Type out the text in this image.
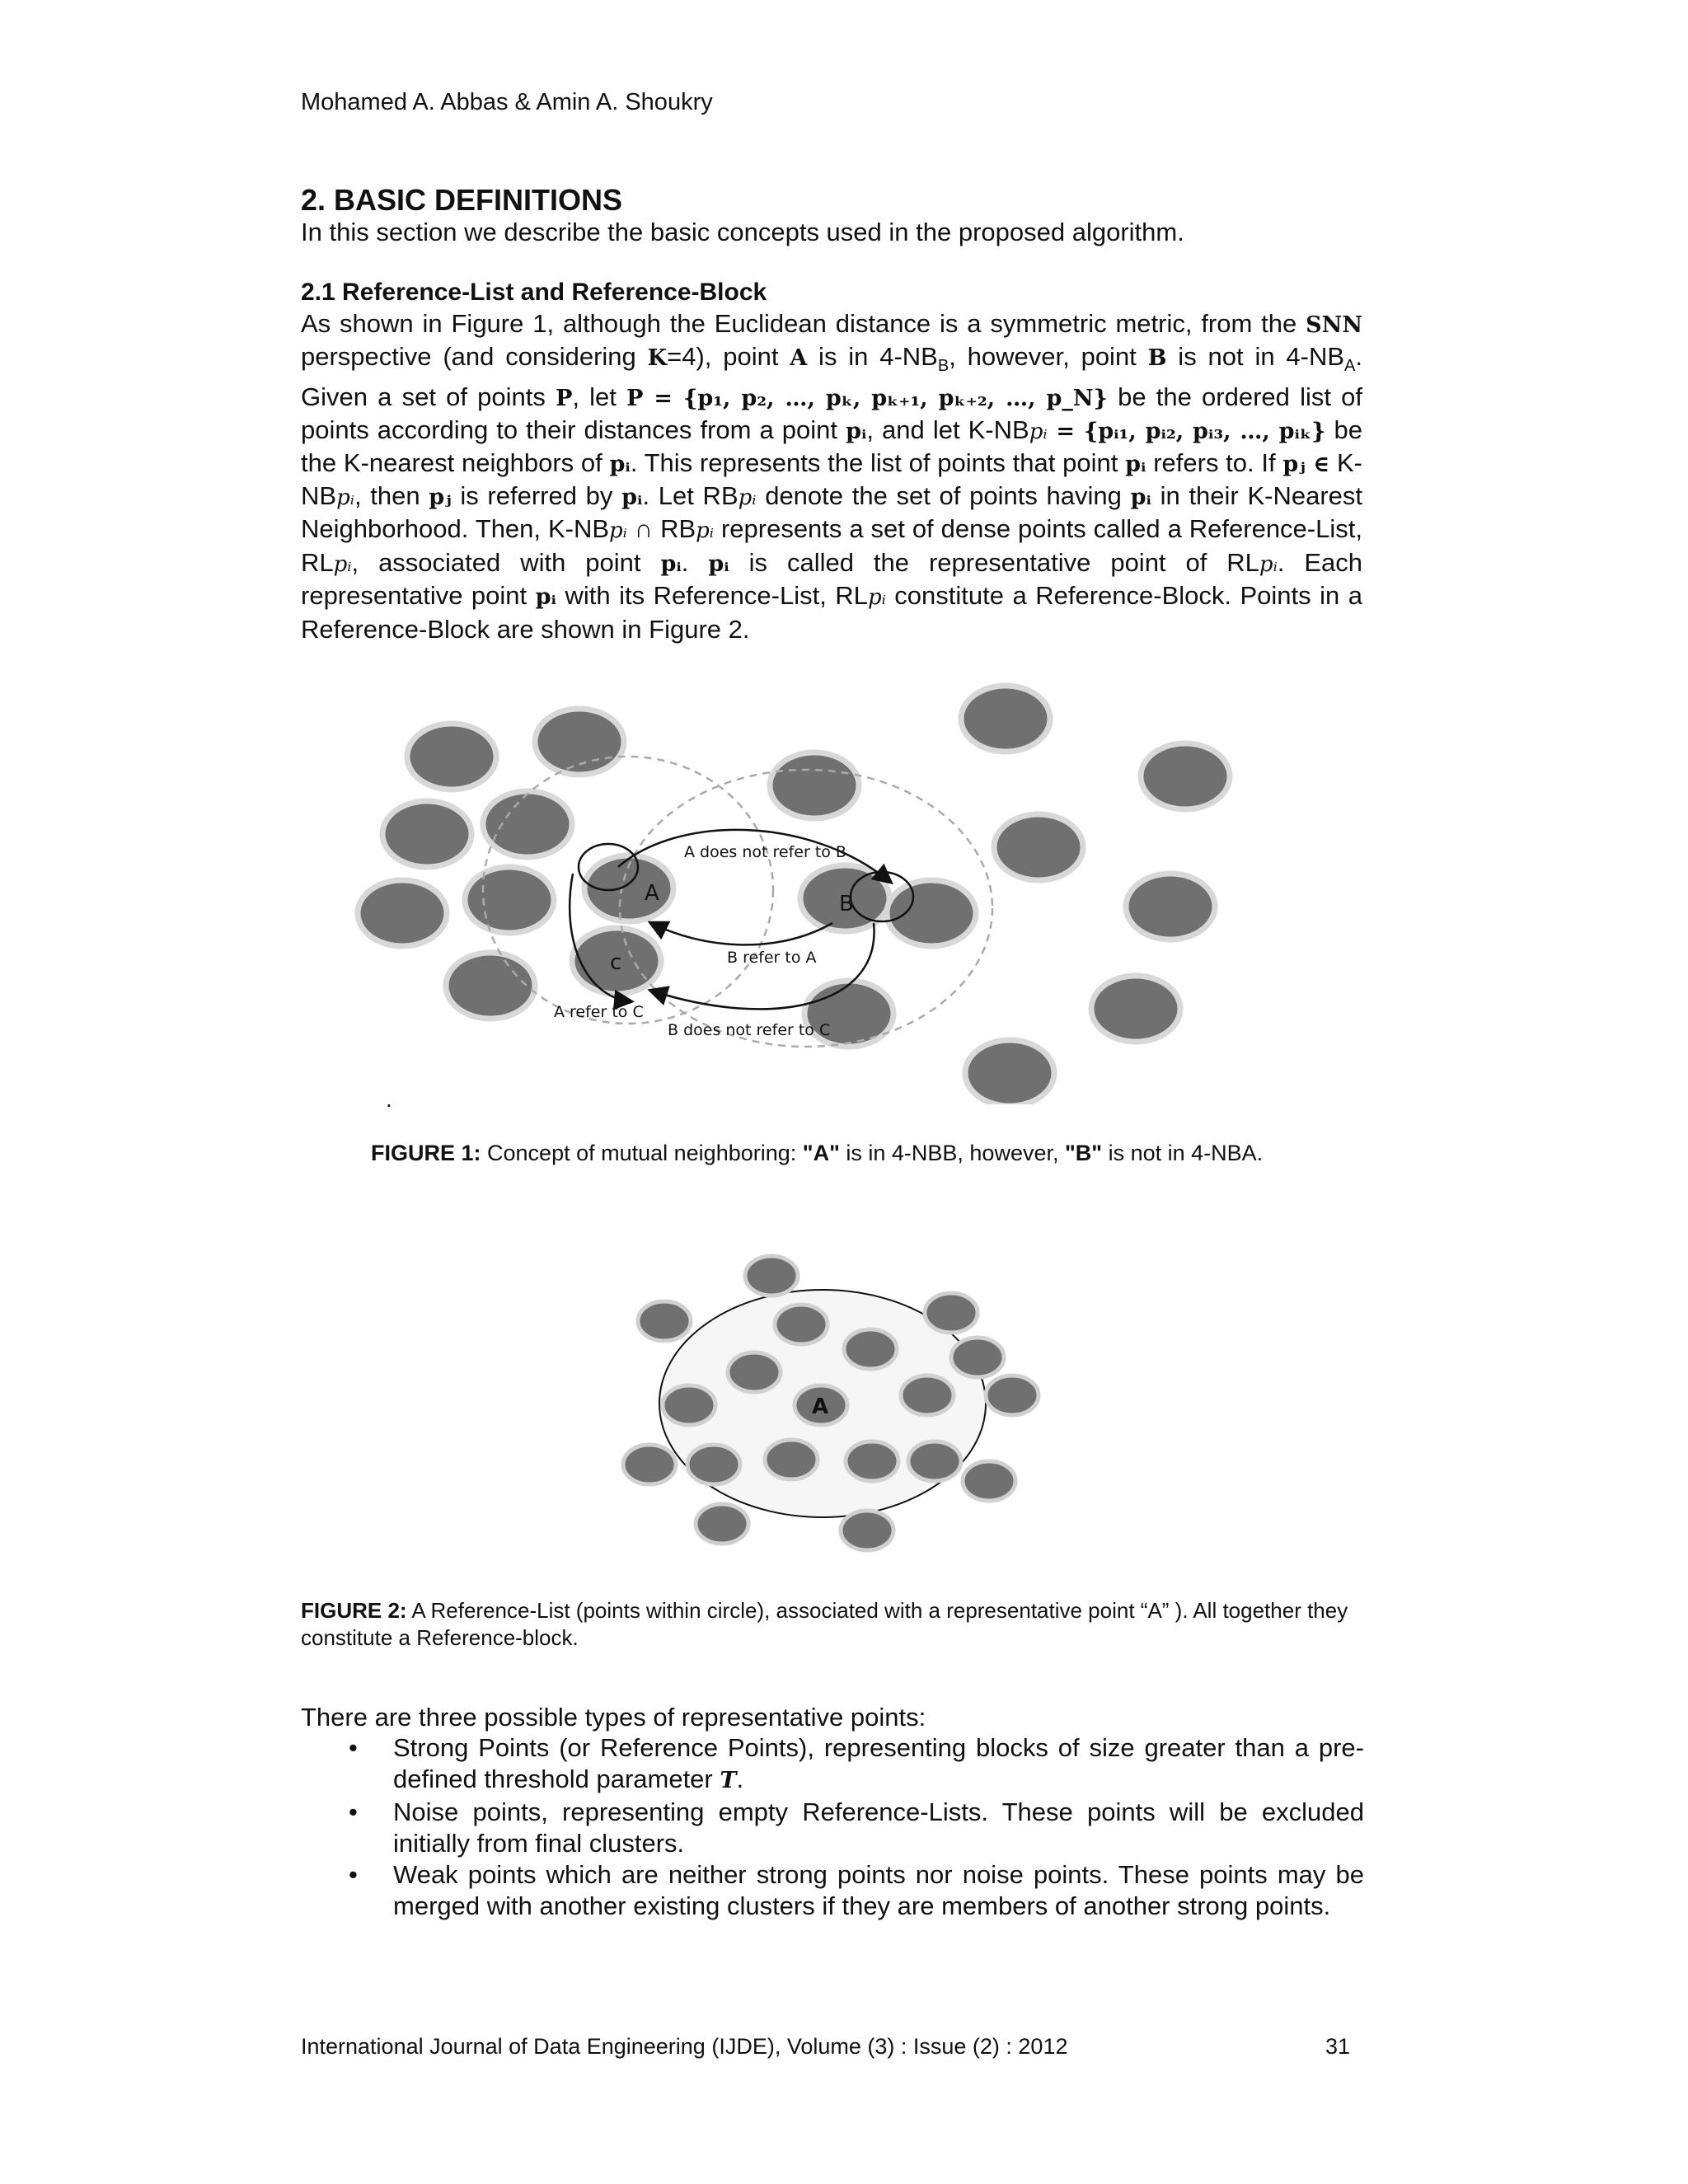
Mohamed A. Abbas & Amin A. Shoukry
2. BASIC DEFINITIONS
In this section we describe the basic concepts used in the proposed algorithm.
2.1 Reference-List and Reference-Block
As shown in Figure 1, although the Euclidean distance is a symmetric metric, from the SNN perspective (and considering K=4), point A is in $4-NB_B$, however, point B is not in $4-NB_A$. Given a set of points P, let P = {p₁, p₂, …, pₖ, pₖ₊₁, pₖ₊₂, …, p_N} be the ordered list of points according to their distances from a point pᵢ, and let K-NBpᵢ = {pᵢ₁, pᵢ₂, pᵢ₃, …, pᵢₖ} be the K-nearest neighbors of pᵢ. This represents the list of points that point pᵢ refers to. If pⱼ ∈ K-NBpᵢ, then pⱼ is referred by pᵢ. Let RBpᵢ denote the set of points having pᵢ in their K-Nearest Neighborhood. Then, K-NBpᵢ ∩ RBpᵢ represents a set of dense points called a Reference-List, RLpᵢ, associated with point pᵢ. pᵢ is called the representative point of RLpᵢ. Each representative point pᵢ with its Reference-List, RLpᵢ constitute a Reference-Block. Points in a Reference-Block are shown in Figure 2.
A	B
c
A does not refer to B
B refer to A
A refer to C
B does not refer to C
.
FIGURE 1: Concept of mutual neighboring: "A" is in 4-NBB, however, "B" is not in 4-NBA.
A
FIGURE 2: A Reference-List (points within circle), associated with a representative point “A” ). All together they constitute a Reference-block.
There are three possible types of representative points:
• Strong Points (or Reference Points), representing blocks of size greater than a pre-defined threshold parameter T.
• Noise points, representing empty Reference-Lists. These points will be excluded initially from final clusters.
• Weak points which are neither strong points nor noise points. These points may be merged with another existing clusters if they are members of another strong points.
International Journal of Data Engineering (IJDE), Volume (3) : Issue (2) : 2012	31
